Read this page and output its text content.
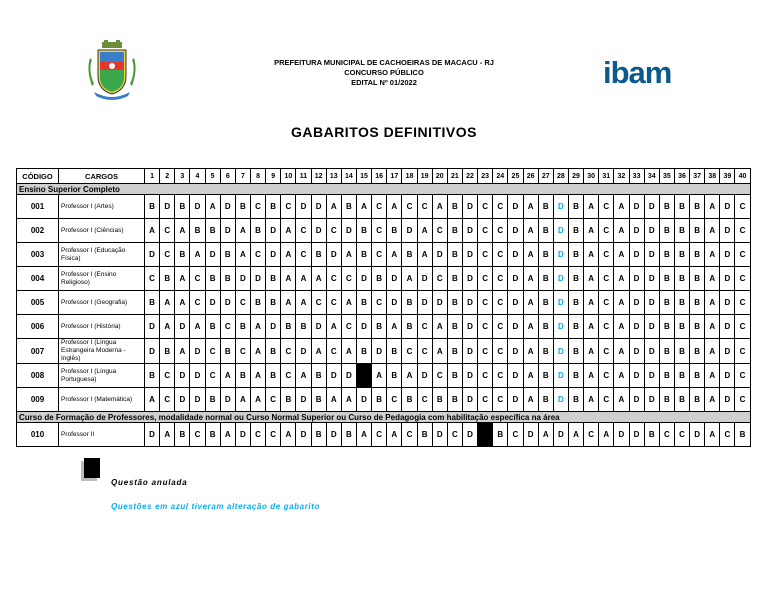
PREFEITURA MUNICIPAL DE CACHOEIRAS DE MACACU - RJ
CONCURSO PÚBLICO
EDITAL Nº 01/2022	ibam
GABARITOS DEFINITIVOS
CÓDIGO	CARGOS	1	2	3	4	5	6	7	8	9	10	11	12	13	14	15	16	17	18	19	20	21	22	23	24	25	26	27	28	29	30	31	32	33	34	35	36	37	38	39	40
Ensino Superior Completo																																									
001	Professor I (Artes)	B	D	B	D	A	D	B	C	B	C	D	D	A	B	A	C	A	C	C	A	B	D	C	C	D	A	B	D	B	A	C	A	D	D	B	B	B	A	D	C
002	Professor I (Ciências)	A	C	A	B	B	D	A	B	D	A	C	D	C	D	B	C	B	D	A	C	B	D	C	C	D	A	B	D	B	A	C	A	D	D	B	B	B	A	D	C
003	Professor I (Educação Física)	D	C	B	A	D	B	A	C	D	A	C	B	D	A	B	C	A	B	A	D	B	D	C	C	D	A	B	D	B	A	C	A	D	D	B	B	B	A	D	C
004	Professor I (Ensino Religioso)	C	B	A	C	B	B	D	D	B	A	A	A	C	C	D	B	D	A	D	C	B	D	C	C	D	A	B	D	B	A	C	A	D	D	B	B	B	A	D	C
005	Professor I (Geografia)	B	A	A	C	D	D	C	B	B	A	A	C	C	A	B	C	D	B	D	D	B	D	C	C	D	A	B	D	B	A	C	A	D	D	B	B	B	A	D	C
006	Professor I (História)	D	A	D	A	B	C	B	A	D	B	B	D	A	C	D	B	A	B	C	A	B	D	C	C	D	A	B	D	B	A	C	A	D	D	B	B	B	A	D	C
007	Professor I (Língua Estrangeira Moderna - Inglês)	D	B	A	D	C	B	C	A	B	C	D	A	C	A	B	D	B	C	C	A	B	D	C	C	D	A	B	D	B	A	C	A	D	D	B	B	B	A	D	C
008	Professor I (Língua Portuguesa)	B	C	D	D	C	A	B	A	B	C	A	B	D	D		A	B	A	D	C	B	D	C	C	D	A	B	D	B	A	C	A	D	D	B	B	B	A	D	C
009	Professor I (Matemática)	A	C	D	D	B	D	A	A	C	B	D	B	A	A	D	B	C	B	C	B	B	D	C	C	D	A	B	D	B	A	C	A	D	D	B	B	B	A	D	C
Curso de Formação de Professores, modalidade normal ou Curso Normal Superior ou Curso de Pedagogia com habilitação específica na área																																									
010	Professor II	D	A	B	C	B	A	D	C	C	A	D	B	D	B	A	C	A	C	B	D	C	D		B	C	D	A	D	A	C	A	D	D	B	C	C	D	A	C	B
Questão anulada
Questões em azul tiveram alteração de gabarito
